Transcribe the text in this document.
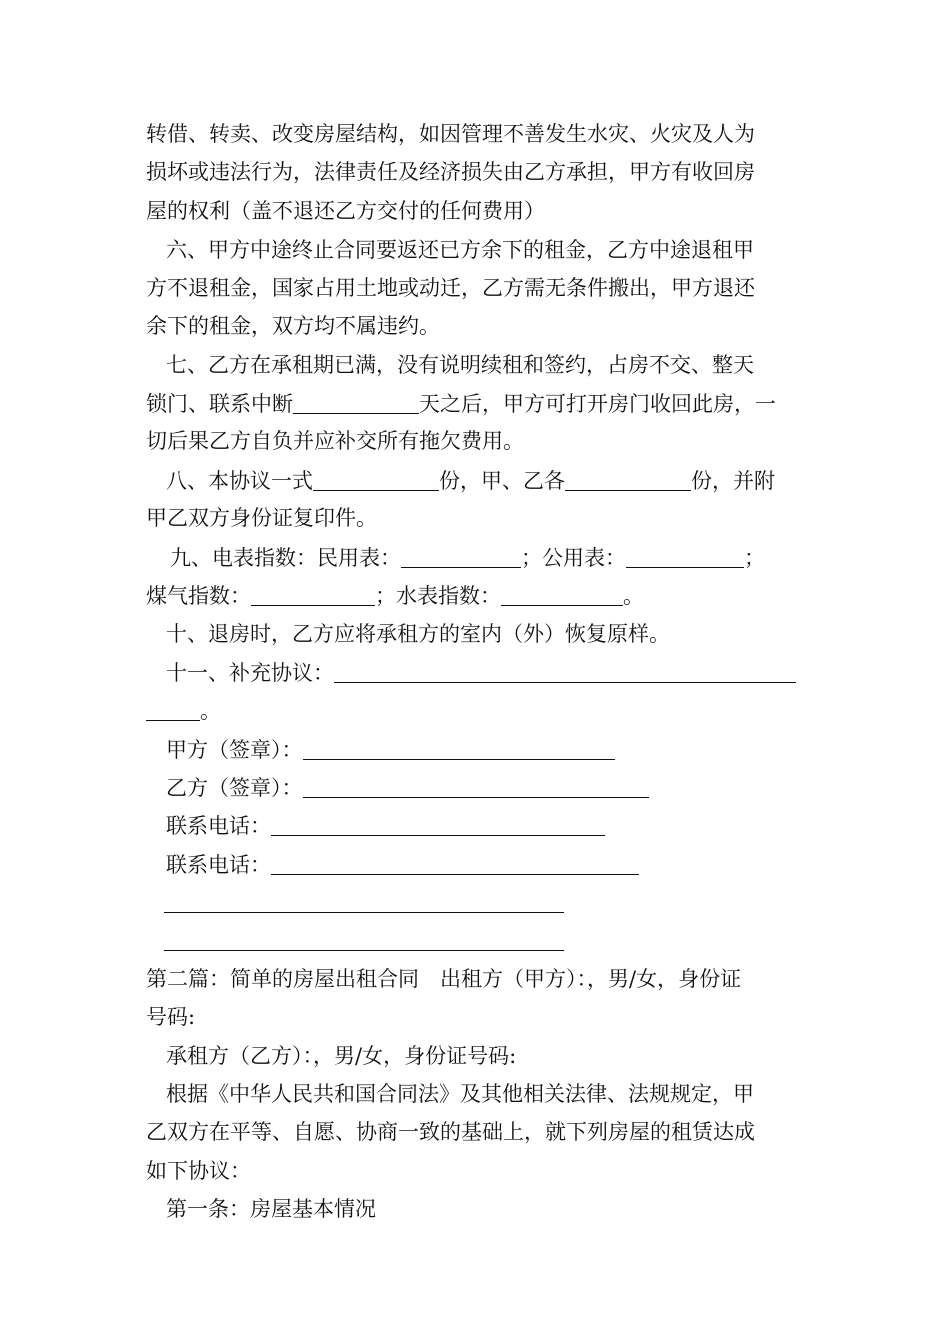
转借、转卖、改变房屋结构，如因管理不善发生水灾、火灾及人为
损坏或违法行为，法律责任及经济损失由乙方承担，甲方有收回房
屋的权利（盖不退还乙方交付的任何费用）
六、甲方中途终止合同要返还已方余下的租金，乙方中途退租甲
方不退租金，国家占用土地或动迁，乙方需无条件搬出，甲方退还
余下的租金，双方均不属违约。
七、乙方在承租期已满，没有说明续租和签约，占房不交、整天
锁门、联系中断	天之后，甲方可打开房门收回此房，一
切后果乙方自负并应补交所有拖欠费用。
八、本协议一式	份，甲、乙各	份，并附
甲乙双方身份证复印件。
九、电表指数：民用表：	；公用表：	；
煤气指数：	；水表指数：	。
十、退房时，乙方应将承租方的室内（外）恢复原样。
十一、补充协议：
。
甲方（签章）：
乙方（签章）：
联系电话：
联系电话：
第二篇：简单的房屋出租合同　出租方（甲方）：，男/女，身份证
号码:
承租方（乙方）：，男/女，身份证号码:
根据《中华人民共和国合同法》及其他相关法律、法规规定，甲
乙双方在平等、自愿、协商一致的基础上，就下列房屋的租赁达成
如下协议：
第一条：房屋基本情况
